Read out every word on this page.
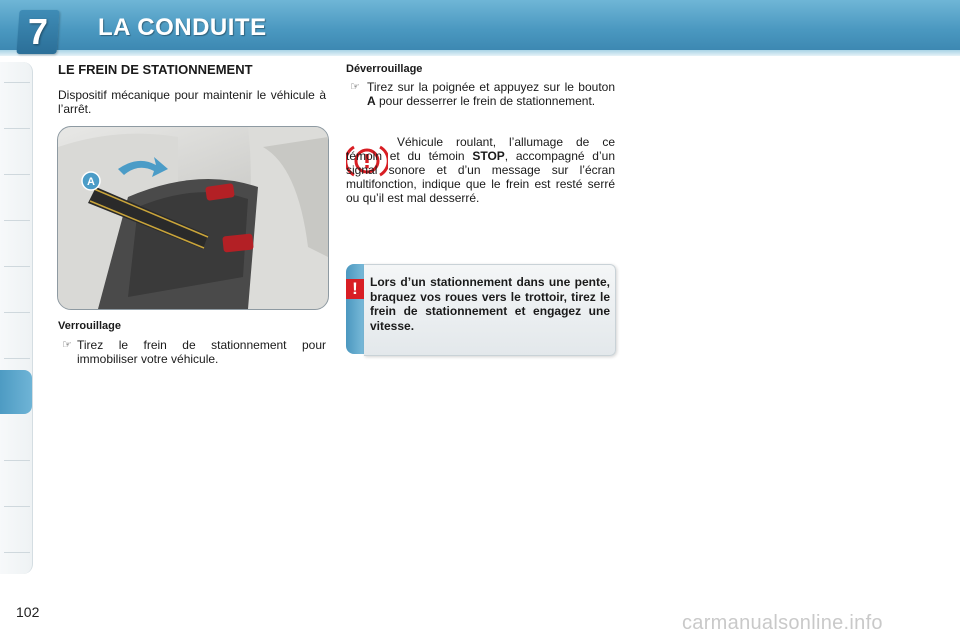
7	LA CONDUITE
LE FREIN DE STATIONNEMENT
Dispositif mécanique pour maintenir le véhicule à l’arrêt.
A
Verrouillage
☞ Tirez le frein de stationnement pour immobiliser votre véhicule.
Déverrouillage
☞ Tirez sur la poignée et appuyez sur le bouton A pour desserrer le frein de stationnement.
Véhicule roulant, l’allumage de ce témoin et du témoin STOP, accompagné d’un signal sonore et d’un message sur l’écran multifonction, indique que le frein est resté serré ou qu’il est mal desserré.
!	Lors d’un stationnement dans une pente, braquez vos roues vers le trottoir, tirez le frein de stationnement et engagez une vitesse.
102	carmanualsonline.info
